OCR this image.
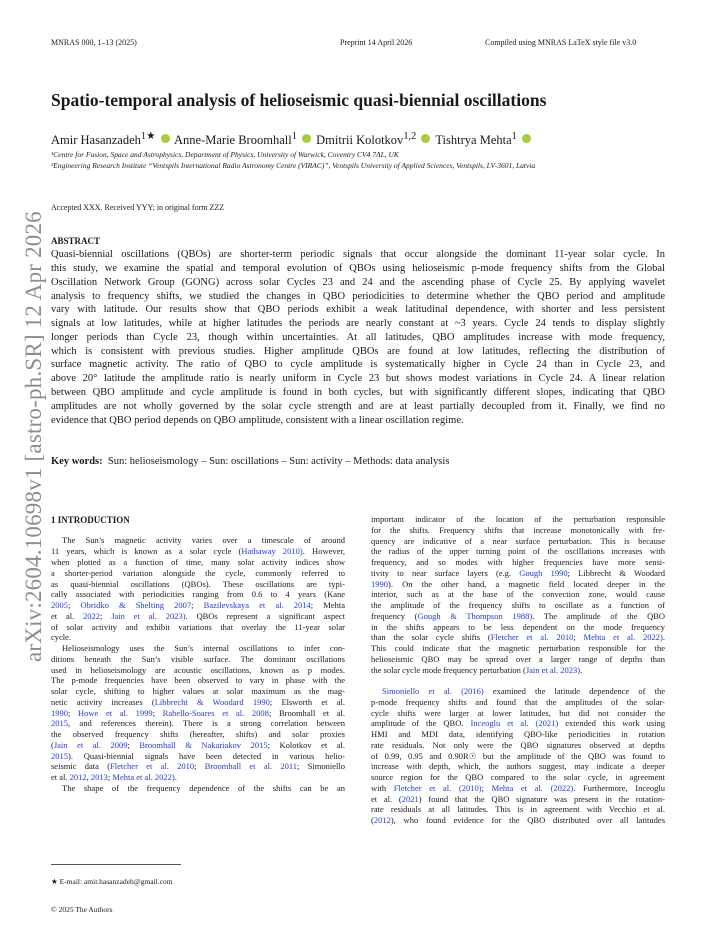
MNRAS 000, 1–13 (2025)	Preprint 14 April 2026	Compiled using MNRAS LaTeX style file v3.0
Spatio-temporal analysis of helioseismic quasi-biennial oscillations
Amir Hasanzadeh$^{1★}$ Anne-Marie Broomhall$^1$ Dmitrii Kolotkov$^{1,2}$ Tishtrya Mehta$^1$
¹Centre for Fusion, Space and Astrophysics, Department of Physics, University of Warwick, Coventry CV4 7AL, UK
²Engineering Research Institute “Ventspils International Radio Astronomy Centre (VIRAC)”, Ventspils University of Applied Sciences, Ventspils, LV-3601, Latvia
Accepted XXX. Received YYY; in original form ZZZ
ABSTRACT
Quasi-biennial oscillations (QBOs) are shorter-term periodic signals that occur alongside the dominant 11-year solar cycle. In
this study, we examine the spatial and temporal evolution of QBOs using helioseismic p-mode frequency shifts from the Global
Oscillation Network Group (GONG) across solar Cycles 23 and 24 and the ascending phase of Cycle 25. By applying wavelet
analysis to frequency shifts, we studied the changes in QBO periodicities to determine whether the QBO period and amplitude
vary with latitude. Our results show that QBO periods exhibit a weak latitudinal dependence, with shorter and less persistent
signals at low latitudes, while at higher latitudes the periods are nearly constant at ~3 years. Cycle 24 tends to display slightly
longer periods than Cycle 23, though within uncertainties. At all latitudes, QBO amplitudes increase with mode frequency,
which is consistent with previous studies. Higher amplitude QBOs are found at low latitudes, reflecting the distribution of
surface magnetic activity. The ratio of QBO to cycle amplitude is systematically higher in Cycle 24 than in Cycle 23, and
above 20° latitude the amplitude ratio is nearly uniform in Cycle 23 but shows modest variations in Cycle 24. A linear relation
between QBO amplitude and cycle amplitude is found in both cycles, but with significantly different slopes, indicating that QBO
amplitudes are not wholly governed by the solar cycle strength and are at least partially decoupled from it. Finally, we find no
evidence that QBO period depends on QBO amplitude, consistent with a linear oscillation regime.
Key words: Sun: helioseismology – Sun: oscillations – Sun: activity – Methods: data analysis
arXiv:2604.10698v1 [astro-ph.SR] 12 Apr 2026 1 INTRODUCTION
The Sun’s magnetic activity varies over a timescale of around
11 years, which is known as a solar cycle (Hathaway 2010). However,
when plotted as a function of time, many solar activity indices show
a shorter-period variation alongside the cycle, commonly referred to
as quasi-biennial oscillations (QBOs). These oscillations are typi-
cally associated with periodicities ranging from 0.6 to 4 years (Kane
2005; Obridko & Shelting 2007; Bazilevskaya et al. 2014; Mehta
et al. 2022; Jain et al. 2023). QBOs represent a significant aspect
of solar activity and exhibit variations that overlay the 11-year solar
cycle.
Helioseismology uses the Sun’s internal oscillations to infer con-
ditions beneath the Sun’s visible surface. The dominant oscillations
used in helioseismology are acoustic oscillations, known as p modes.
The p-mode frequencies have been observed to vary in phase with the
solar cycle, shifting to higher values at solar maximum as the mag-
netic activity increases (Libbrecht & Woodard 1990; Elsworth et al.
1990; Howe et al. 1999; Rabello-Soares et al. 2008; Broomhall et al.
2015, and references therein). There is a strong correlation between
the observed frequency shifts (hereafter, shifts) and solar proxies
(Jain et al. 2009; Broomhall & Nakariakov 2015; Kolotkov et al.
2015). Quasi-biennial signals have been detected in various helio-
seismic data (Fletcher et al. 2010; Broomhall et al. 2011; Simoniello
et al. 2012, 2013; Mehta et al. 2022).
The shape of the frequency dependence of the shifts can be an
important indicator of the location of the perturbation responsible
for the shifts. Frequency shifts that increase monotonically with fre-
quency are indicative of a near surface perturbation. This is because
the radius of the upper turning point of the oscillations increases with
frequency, and so modes with higher frequencies have more sensi-
tivity to near surface layers (e.g. Gough 1990; Libbrecht & Woodard
1990). On the other hand, a magnetic field located deeper in the
interior, such as at the base of the convection zone, would cause
the amplitude of the frequency shifts to oscillate as a function of
frequency (Gough & Thompson 1988). The amplitude of the QBO
in the shifts appears to be less dependent on the mode frequency
than the solar cycle shifts (Fletcher et al. 2010; Mehta et al. 2022).
This could indicate that the magnetic perturbation responsible for the
helioseismic QBO may be spread over a larger range of depths than
the solar cycle mode frequency perturbation (Jain et al. 2023).
Simoniello et al. (2016) examined the latitude dependence of the
p-mode frequency shifts and found that the amplitudes of the solar-
cycle shifts were larger at lower latitudes, but did not consider the
amplitude of the QBO. Inceoglu et al. (2021) extended this work using
HMI and MDI data, identifying QBO-like periodicities in rotation
rate residuals. Not only were the QBO signatures observed at depths
of 0.99, 0.95 and 0.90R☉ but the amplitude of the QBO was found to
increase with depth, which, the authors suggest, may indicate a deeper
source region for the QBO compared to the solar cycle, in agreement
with Fletcher et al. (2010); Mehta et al. (2022). Furthermore, Inceoglu
et al. (2021) found that the QBO signature was present in the rotation-
rate residuals at all latitudes. This is in agreement with Vecchio et al.
(2012), who found evidence for the QBO distributed over all latitudes
★ E-mail: amir.hasanzadeh@gmail.com
© 2025 The Authors
